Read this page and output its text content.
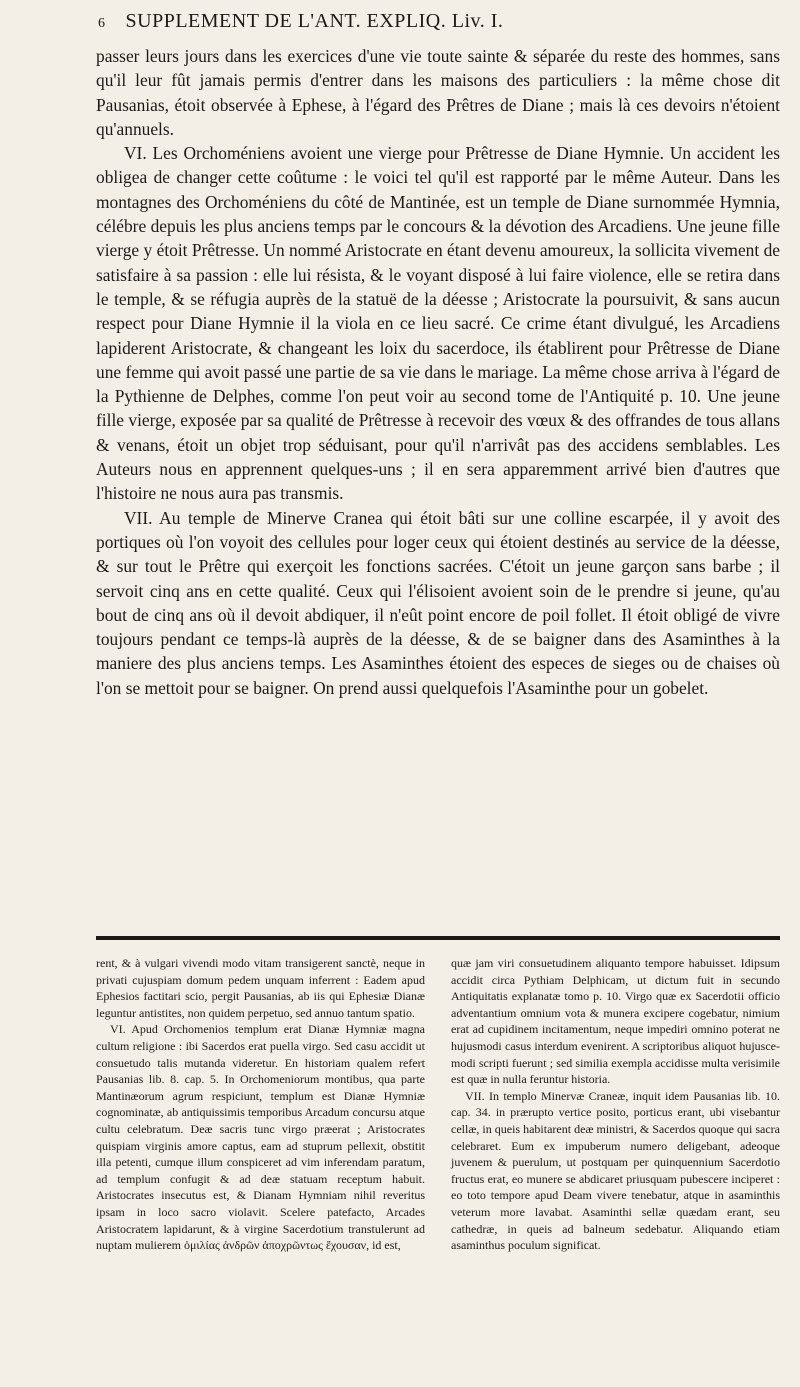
6 SUPPLEMENT DE L'ANT. EXPLIQ. Liv. I.

passer leurs jours dans les exercices d'une vie toute sainte & séparée du reste des hommes, sans qu'il leur fût jamais permis d'entrer dans les maisons des particuliers : la même chose dit Pausanias, étoit observée à Ephese, à l'égard des Prêtres de Diane ; mais là ces devoirs n'étoient qu'annuels.

VI. Les Orchoméniens avoient une vierge pour Prêtresse de Diane Hymnie. Un accident les obligea de changer cette coûtume : le voici tel qu'il est rapporté par le même Auteur. Dans les montagnes des Orchoméniens du côté de Mantinée, est un temple de Diane surnommée Hymnia, célébre depuis les plus anciens temps par le concours & la dévotion des Arcadiens. Une jeune fille vierge y étoit Prêtresse. Un nommé Aristocrate en étant devenu amoureux, la sollicita vivement de satisfaire à sa passion : elle lui résista, & le voyant disposé à lui faire violence, elle se retira dans le temple, & se réfugia auprès de la statuë de la déesse ; Aristocrate la poursuivit, & sans aucun respect pour Diane Hymnie il la viola en ce lieu sacré. Ce crime étant divulgué, les Arcadiens lapiderent Aristocrate, & changeant les loix du sacerdoce, ils établirent pour Prêtresse de Diane une femme qui avoit passé une partie de sa vie dans le mariage. La même chose arriva à l'égard de la Pythienne de Delphes, comme l'on peut voir au second tome de l'Antiquité p. 10. Une jeune fille vierge, exposée par sa qualité de Prêtresse à recevoir des vœux & des offrandes de tous allans & venans, étoit un objet trop séduisant, pour qu'il n'arrivât pas des accidens semblables. Les Auteurs nous en apprennent quelques-uns ; il en sera apparemment arrivé bien d'autres que l'histoire ne nous aura pas transmis.

VII. Au temple de Minerve Cranea qui étoit bâti sur une colline escarpée, il y avoit des portiques où l'on voyoit des cellules pour loger ceux qui étoient destinés au service de la déesse, & sur tout le Prêtre qui exerçoit les fonctions sacrées. C'étoit un jeune garçon sans barbe ; il servoit cinq ans en cette qualité. Ceux qui l'élisoient avoient soin de le prendre si jeune, qu'au bout de cinq ans où il devoit abdiquer, il n'eût point encore de poil follet. Il étoit obligé de vivre toujours pendant ce temps-là auprès de la déesse, & de se baigner dans des Asaminthes à la maniere des plus anciens temps. Les Asaminthes étoient des especes de sieges ou de chaises où l'on se mettoit pour se baigner. On prend aussi quelquefois l'Asaminthe pour un gobelet.

rent, & à vulgari vivendi modo vitam transigerent sanctè, neque in privati cujuspiam domum pedem unquam inferrent : Eadem apud Ephesios factitari scio, pergit Pausanias, ab iis qui Ephesiæ Dianæ leguntur antistites, non quidem perpetuo, sed annuo tantum spatio.

VI. Apud Orchomenios templum erat Dianæ Hymniæ magna cultum religione : ibi Sacerdos erat puella virgo. Sed casu accidit ut consuetudo talis mutanda videretur. En historiam qualem refert Pausanias lib. 8. cap. 5. In Orchomeniorum montibus, qua parte Mantinæorum agrum respiciunt, templum est Dianæ Hymniæ cognominatæ, ab antiquissimis temporibus Arcadum concursu atque cultu celebratum. Deæ sacris tunc virgo præerat ; Aristocrates quispiam virginis amore captus, eam ad stuprum pellexit, obstitit illa petenti, cumque illum conspiceret ad vim inferendam paratum, ad templum confugit & ad deæ statuam receptum habuit. Aristocrates insecutus est, & Dianam Hymniam nihil reveritus ipsam in loco sacro violavit. Scelere patefacto, Arcades Aristocratem lapidarunt, & à virgine Sacerdotium transtulerunt ad nuptam mulierem ὁμιλίας ἀνδρῶν ἀποχρῶντως ἔχουσαν, id est,

quæ jam viri consuetudinem aliquanto tempore habuisset. Idipsum accidit circa Pythiam Delphicam, ut dictum fuit in secundo Antiquitatis explanatæ tomo p. 10. Virgo quæ ex Sacerdotii officio adventantium omnium vota & munera excipere cogebatur, nimium erat ad cupidinem incitamentum, neque impediri omnino poterat ne hujusmodi casus interdum evenirent. A scriptoribus aliquot hujusce-modi scripti fuerunt ; sed similia exempla accidisse multa verisimile est quæ in nulla feruntur historia.

VII. In templo Minervæ Craneæ, inquit idem Pausanias lib. 10. cap. 34. in prærupto vertice posito, porticus erant, ubi visebantur cellæ, in queis habitarent deæ ministri, & Sacerdos quoque qui sacra celebraret. Eum ex impuberum numero deligebant, adeoque juvenem & puerulum, ut postquam per quinquennium Sacerdotio fructus erat, eo munere se abdicaret priusquam pubescere inciperet : eo toto tempore apud Deam vivere tenebatur, atque in asaminthis veterum more lavabat. Asaminthi sellæ quædam erant, seu cathedræ, in queis ad balneum sedebatur. Aliquando etiam asaminthus poculum significat.
